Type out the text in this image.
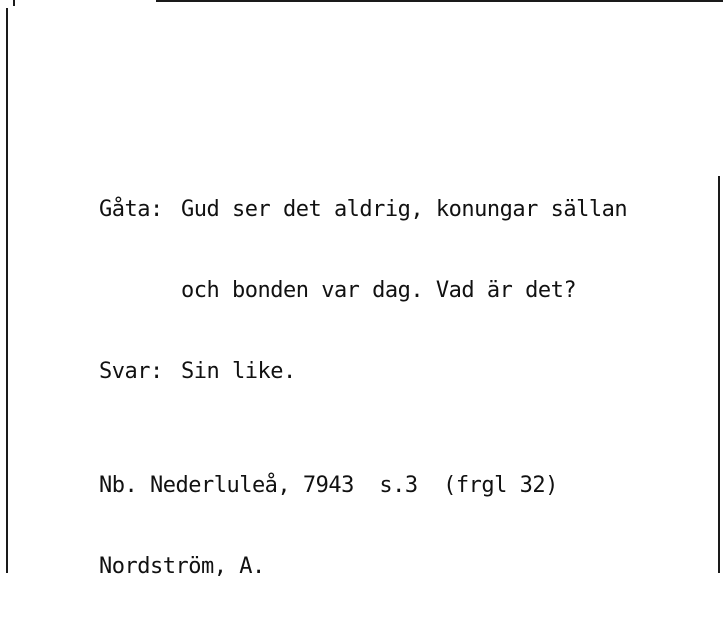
Gåta: Gud ser det aldrig, konungar sällan

och bonden var dag. Vad är det?

Svar: Sin like.

Nb. Nederluleå, 7943  s.3  (frgl 32)

Nordström, A.
